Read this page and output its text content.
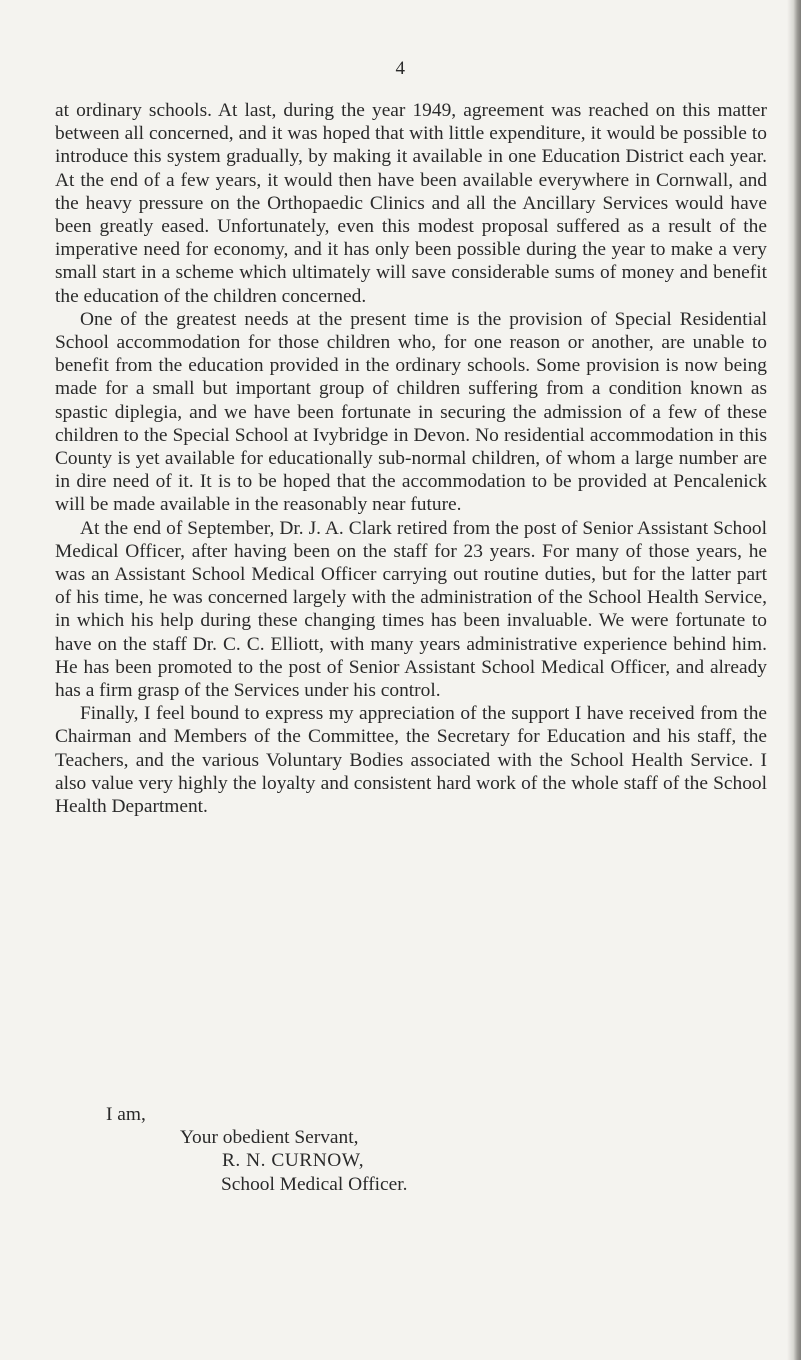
4

at ordinary schools. At last, during the year 1949, agreement was reached on this matter between all concerned, and it was hoped that with little expenditure, it would be possible to introduce this system gradually, by making it available in one Education District each year. At the end of a few years, it would then have been available everywhere in Cornwall, and the heavy pressure on the Orthopaedic Clinics and all the Ancillary Services would have been greatly eased. Unfortunately, even this modest proposal suffered as a result of the imperative need for economy, and it has only been possible during the year to make a very small start in a scheme which ultimately will save considerable sums of money and benefit the education of the children concerned.

One of the greatest needs at the present time is the provision of Special Residential School accommodation for those children who, for one reason or another, are unable to benefit from the education provided in the ordinary schools. Some provision is now being made for a small but important group of children suffering from a condition known as spastic diplegia, and we have been fortunate in securing the admission of a few of these children to the Special School at Ivybridge in Devon. No residential accommodation in this County is yet available for educationally sub-normal children, of whom a large number are in dire need of it. It is to be hoped that the accommodation to be provided at Pencalenick will be made available in the reasonably near future.

At the end of September, Dr. J. A. Clark retired from the post of Senior Assistant School Medical Officer, after having been on the staff for 23 years. For many of those years, he was an Assistant School Medical Officer carrying out routine duties, but for the latter part of his time, he was concerned largely with the administration of the School Health Service, in which his help during these changing times has been invaluable. We were fortunate to have on the staff Dr. C. C. Elliott, with many years administrative experience behind him. He has been promoted to the post of Senior Assistant School Medical Officer, and already has a firm grasp of the Services under his control.

Finally, I feel bound to express my appreciation of the support I have received from the Chairman and Members of the Committee, the Secretary for Education and his staff, the Teachers, and the various Voluntary Bodies associated with the School Health Service. I also value very highly the loyalty and consistent hard work of the whole staff of the School Health Department.

I am,
Your obedient Servant,
R. N. CURNOW,
School Medical Officer.
